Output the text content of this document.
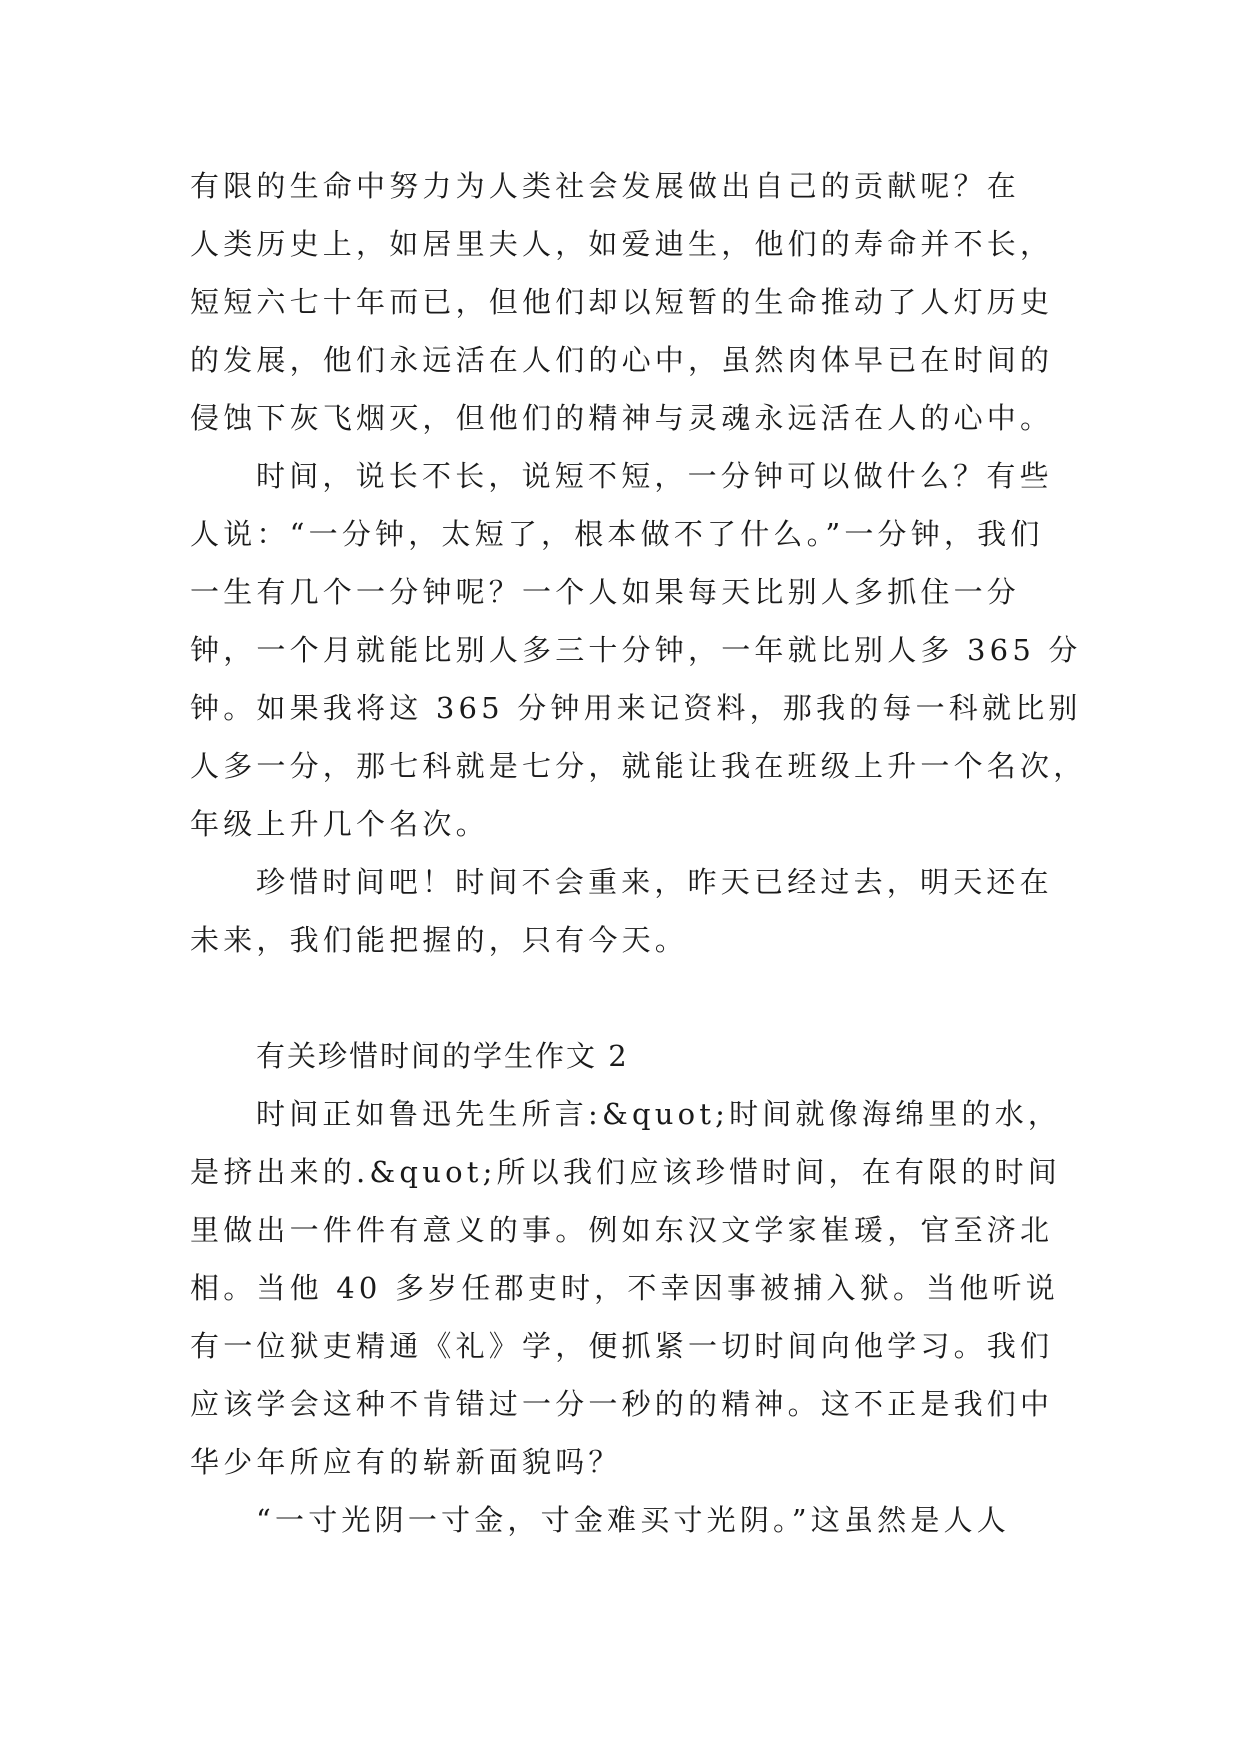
有限的生命中努力为人类社会发展做出自己的贡献呢？在
人类历史上，如居里夫人，如爱迪生，他们的寿命并不长，
短短六七十年而已，但他们却以短暂的生命推动了人灯历史
的发展，他们永远活在人们的心中，虽然肉体早已在时间的
侵蚀下灰飞烟灭，但他们的精神与灵魂永远活在人的心中。
时间，说长不长，说短不短，一分钟可以做什么？有些
人说：“一分钟，太短了，根本做不了什么。”一分钟，我们
一生有几个一分钟呢？一个人如果每天比别人多抓住一分
钟，一个月就能比别人多三十分钟，一年就比别人多 365 分
钟。如果我将这 365 分钟用来记资料，那我的每一科就比别
人多一分，那七科就是七分，就能让我在班级上升一个名次，
年级上升几个名次。
珍惜时间吧！时间不会重来，昨天已经过去，明天还在
未来，我们能把握的，只有今天。
有关珍惜时间的学生作文 2
时间正如鲁迅先生所言:&quot;时间就像海绵里的水，
是挤出来的.&quot;所以我们应该珍惜时间，在有限的时间
里做出一件件有意义的事。例如东汉文学家崔瑗，官至济北
相。当他 40 多岁任郡吏时，不幸因事被捕入狱。当他听说
有一位狱吏精通《礼》学，便抓紧一切时间向他学习。我们
应该学会这种不肯错过一分一秒的的精神。这不正是我们中
华少年所应有的崭新面貌吗？
“一寸光阴一寸金，寸金难买寸光阴。”这虽然是人人
